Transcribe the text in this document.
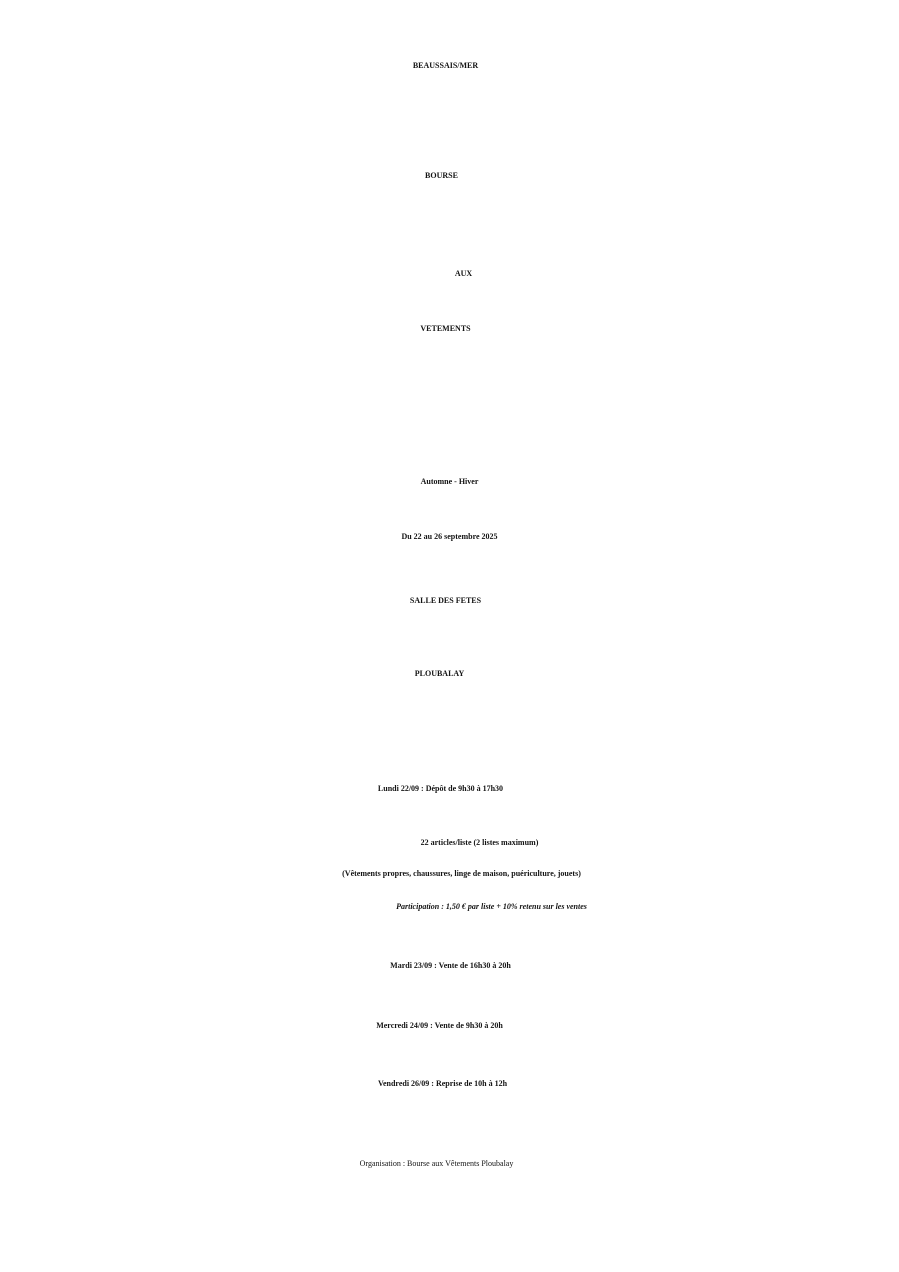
BEAUSSAIS/MER

BOURSE

AUX

VETEMENTS

Automne - Hiver

Du 22 au 26 septembre 2025

SALLE DES FETES

PLOUBALAY

Lundi 22/09 : Dépôt de 9h30 à 17h30

22 articles/liste (2 listes maximum)

(Vêtements propres, chaussures, linge de maison, puériculture, jouets)

Participation : 1,50 € par liste + 10% retenu sur les ventes

Mardi 23/09 : Vente de 16h30 à 20h

Mercredi 24/09 : Vente de 9h30 à 20h

Vendredi 26/09 : Reprise de 10h à 12h

Organisation : Bourse aux Vêtements Ploubalay
